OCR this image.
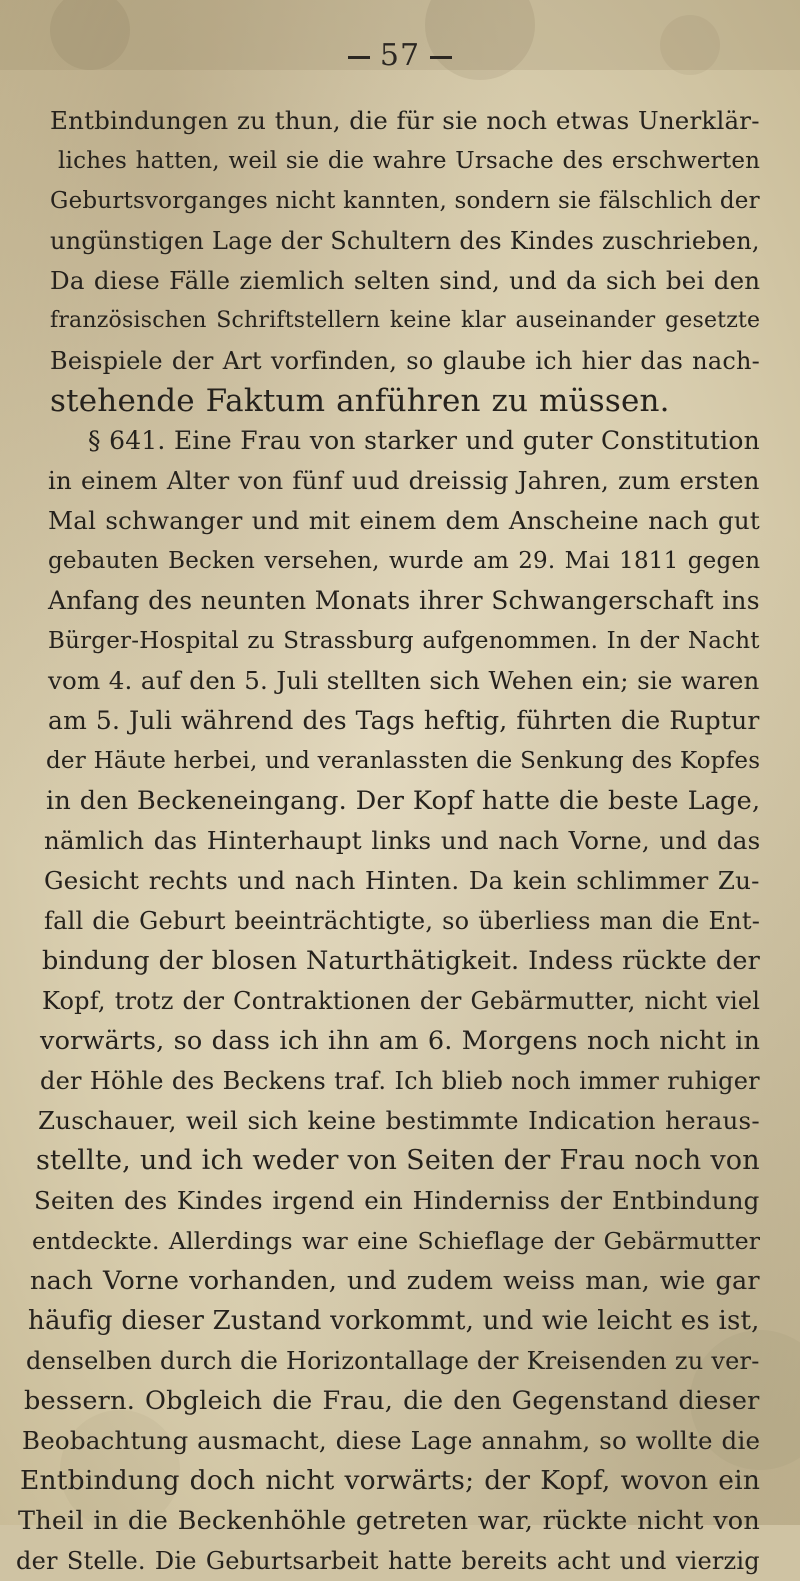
57
Entbindungen zu thun, die für sie noch etwas Unerklär-
liches hatten, weil sie die wahre Ursache des erschwerten
Geburtsvorganges nicht kannten, sondern sie fälschlich der
ungünstigen Lage der Schultern des Kindes zuschrieben,
Da diese Fälle ziemlich selten sind, und da sich bei den
französischen Schriftstellern keine klar auseinander gesetzte
Beispiele der Art vorfinden, so glaube ich hier das nach-
stehende Faktum anführen zu müssen.
§ 641. Eine Frau von starker und guter Constitution
in einem Alter von fünf uud dreissig Jahren, zum ersten
Mal schwanger und mit einem dem Anscheine nach gut
gebauten Becken versehen, wurde am 29. Mai 1811 gegen
Anfang des neunten Monats ihrer Schwangerschaft ins
Bürger-Hospital zu Strassburg aufgenommen. In der Nacht
vom 4. auf den 5. Juli stellten sich Wehen ein; sie waren
am 5. Juli während des Tags heftig, führten die Ruptur
der Häute herbei, und veranlassten die Senkung des Kopfes
in den Beckeneingang. Der Kopf hatte die beste Lage,
nämlich das Hinterhaupt links und nach Vorne, und das
Gesicht rechts und nach Hinten. Da kein schlimmer Zu-
fall die Geburt beeinträchtigte, so überliess man die Ent-
bindung der blosen Naturthätigkeit. Indess rückte der
Kopf, trotz der Contraktionen der Gebärmutter, nicht viel
vorwärts, so dass ich ihn am 6. Morgens noch nicht in
der Höhle des Beckens traf. Ich blieb noch immer ruhiger
Zuschauer, weil sich keine bestimmte Indication heraus-
stellte, und ich weder von Seiten der Frau noch von
Seiten des Kindes irgend ein Hinderniss der Entbindung
entdeckte. Allerdings war eine Schieflage der Gebärmutter
nach Vorne vorhanden, und zudem weiss man, wie gar
häufig dieser Zustand vorkommt, und wie leicht es ist,
denselben durch die Horizontallage der Kreisenden zu ver-
bessern. Obgleich die Frau, die den Gegenstand dieser
Beobachtung ausmacht, diese Lage annahm, so wollte die
Entbindung doch nicht vorwärts; der Kopf, wovon ein
Theil in die Beckenhöhle getreten war, rückte nicht von
der Stelle. Die Geburtsarbeit hatte bereits acht und vierzig
